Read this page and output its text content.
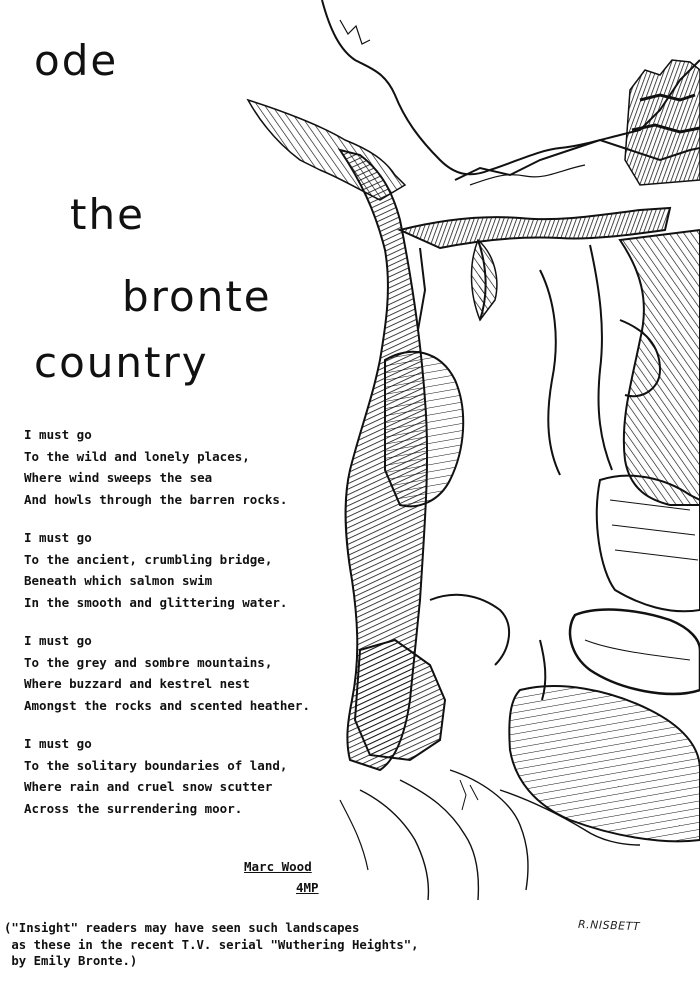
ode
the
bronte
country
I must go
To the wild and lonely places,
Where wind sweeps the sea
And howls through the barren rocks.
I must go
To the ancient, crumbling bridge,
Beneath which salmon swim
In the smooth and glittering water.
I must go
To the grey and sombre mountains,
Where buzzard and kestrel nest
Amongst the rocks and scented heather.
I must go
To the solitary boundaries of land,
Where rain and cruel snow scutter
Across the surrendering moor.
Marc Wood
4MP
R.NISBETT
("Insight" readers may have seen such landscapes
as these in the recent T.V. serial "Wuthering Heights",
by Emily Bronte.)
